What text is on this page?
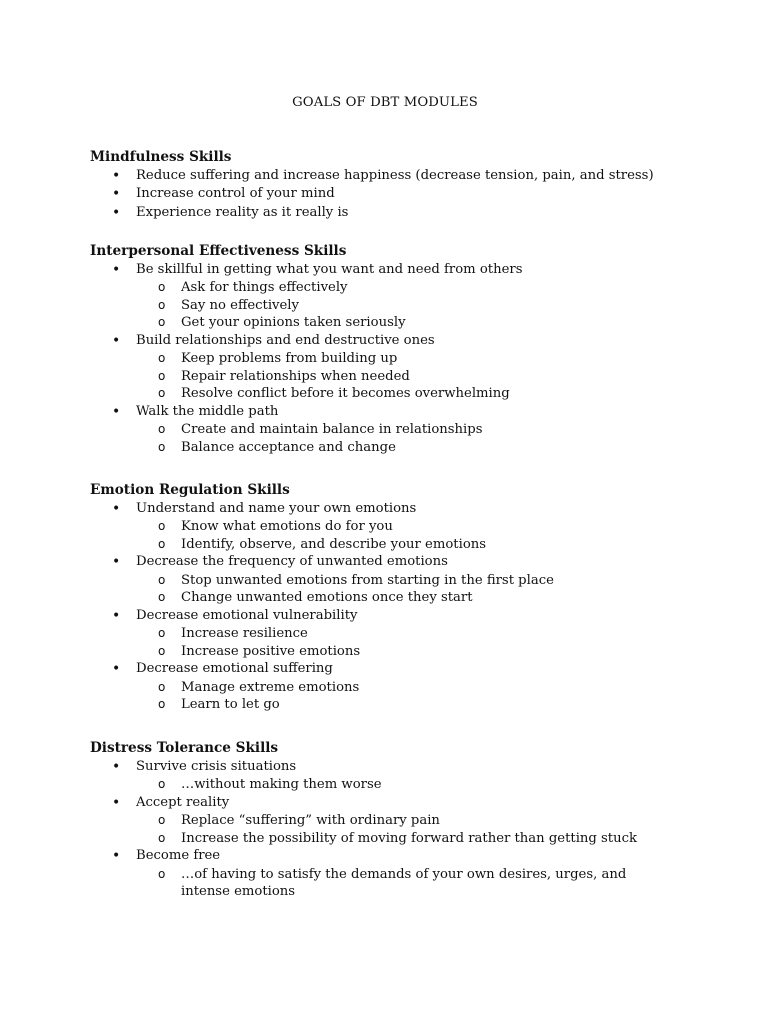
GOALS OF DBT MODULES
Mindfulness Skills
• Reduce suffering and increase happiness (decrease tension, pain, and stress)
• Increase control of your mind
• Experience reality as it really is
Interpersonal Effectiveness Skills
• Be skillful in getting what you want and need from others
o Ask for things effectively
o Say no effectively
o Get your opinions taken seriously
• Build relationships and end destructive ones
o Keep problems from building up
o Repair relationships when needed
o Resolve conflict before it becomes overwhelming
• Walk the middle path
o Create and maintain balance in relationships
o Balance acceptance and change
Emotion Regulation Skills
• Understand and name your own emotions
o Know what emotions do for you
o Identify, observe, and describe your emotions
• Decrease the frequency of unwanted emotions
o Stop unwanted emotions from starting in the first place
o Change unwanted emotions once they start
• Decrease emotional vulnerability
o Increase resilience
o Increase positive emotions
• Decrease emotional suffering
o Manage extreme emotions
o Learn to let go
Distress Tolerance Skills
• Survive crisis situations
o …without making them worse
• Accept reality
o Replace “suffering” with ordinary pain
o Increase the possibility of moving forward rather than getting stuck
• Become free
o …of having to satisfy the demands of your own desires, urges, and intense emotions
